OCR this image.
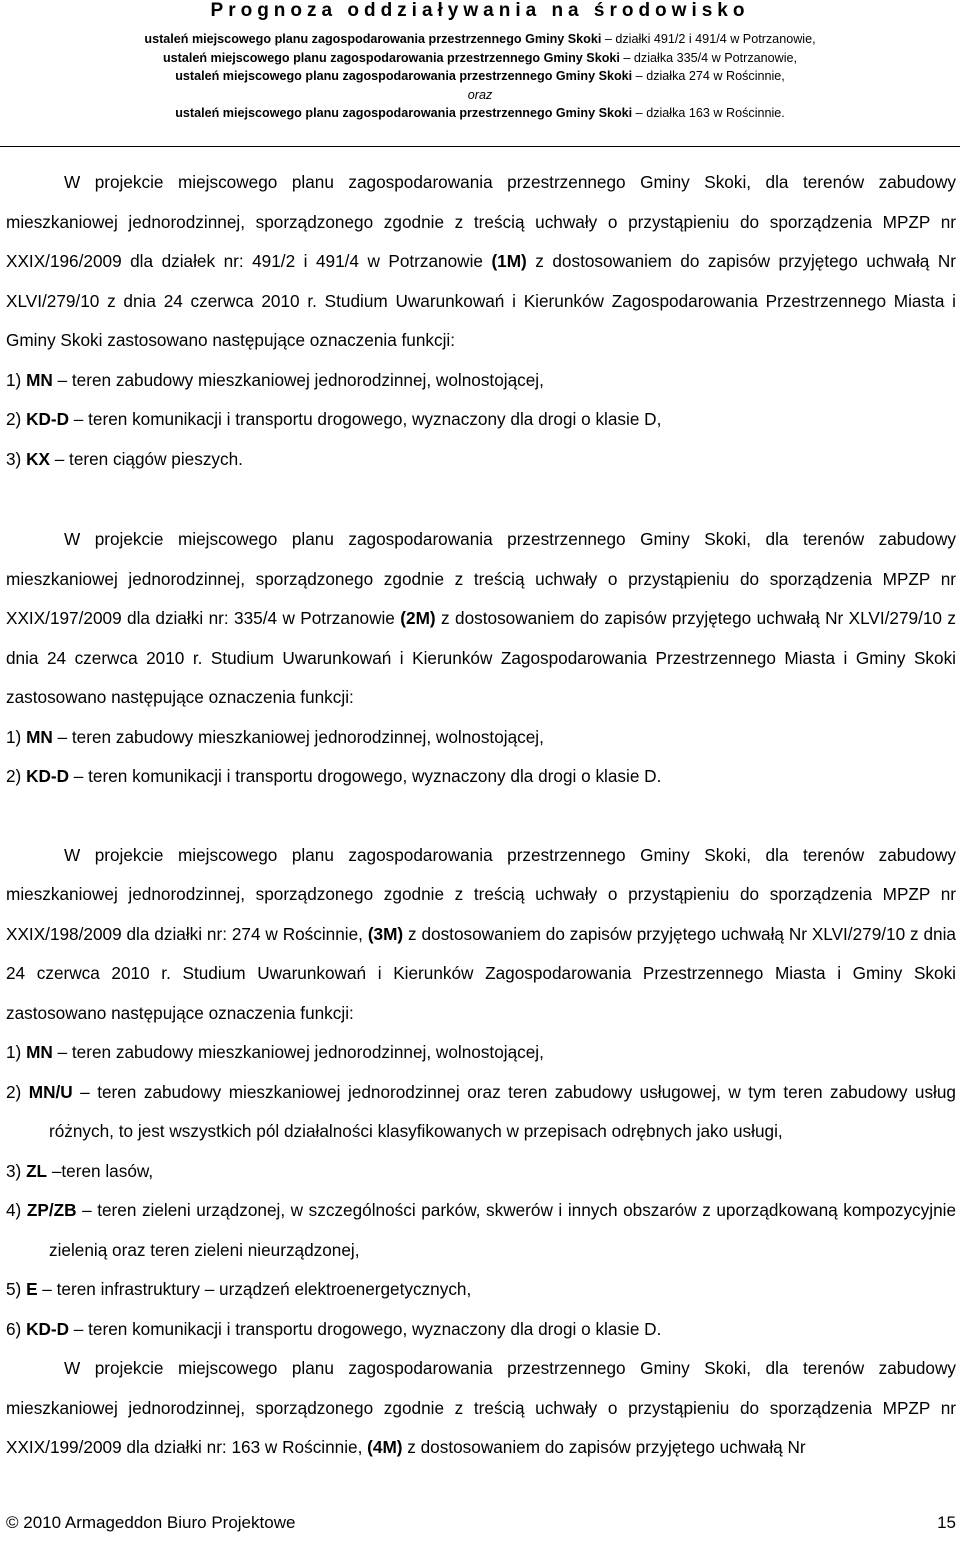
Prognoza oddziaływania na środowisko

ustaleń miejscowego planu zagospodarowania przestrzennego Gminy Skoki – działki 491/2 i 491/4 w Potrzanowie,
ustaleń miejscowego planu zagospodarowania przestrzennego Gminy Skoki – działka 335/4 w Potrzanowie,
ustaleń miejscowego planu zagospodarowania przestrzennego Gminy Skoki – działka 274 w Rościnnie,
oraz
ustaleń miejscowego planu zagospodarowania przestrzennego Gminy Skoki – działka 163 w Rościnnie.

W projekcie miejscowego planu zagospodarowania przestrzennego Gminy Skoki, dla terenów zabudowy mieszkaniowej jednorodzinnej, sporządzonego zgodnie z treścią uchwały o przystąpieniu do sporządzenia MPZP nr XXIX/196/2009 dla działek nr: 491/2 i 491/4 w Potrzanowie (1M) z dostosowaniem do zapisów przyjętego uchwałą Nr XLVI/279/10 z dnia 24 czerwca 2010 r. Studium Uwarunkowań i Kierunków Zagospodarowania Przestrzennego Miasta i Gminy Skoki zastosowano następujące oznaczenia funkcji:

1) MN – teren zabudowy mieszkaniowej jednorodzinnej, wolnostojącej,

2) KD-D – teren komunikacji i transportu drogowego, wyznaczony dla drogi o klasie D,

3) KX – teren ciągów pieszych.

W projekcie miejscowego planu zagospodarowania przestrzennego Gminy Skoki, dla terenów zabudowy mieszkaniowej jednorodzinnej, sporządzonego zgodnie z treścią uchwały o przystąpieniu do sporządzenia MPZP nr XXIX/197/2009 dla działki nr: 335/4 w Potrzanowie (2M) z dostosowaniem do zapisów przyjętego uchwałą Nr XLVI/279/10 z dnia 24 czerwca 2010 r. Studium Uwarunkowań i Kierunków Zagospodarowania Przestrzennego Miasta i Gminy Skoki zastosowano następujące oznaczenia funkcji:

1) MN – teren zabudowy mieszkaniowej jednorodzinnej, wolnostojącej,

2) KD-D – teren komunikacji i transportu drogowego, wyznaczony dla drogi o klasie D.

W projekcie miejscowego planu zagospodarowania przestrzennego Gminy Skoki, dla terenów zabudowy mieszkaniowej jednorodzinnej, sporządzonego zgodnie z treścią uchwały o przystąpieniu do sporządzenia MPZP nr XXIX/198/2009 dla działki nr: 274 w Rościnnie, (3M) z dostosowaniem do zapisów przyjętego uchwałą Nr XLVI/279/10 z dnia 24 czerwca 2010 r. Studium Uwarunkowań i Kierunków Zagospodarowania Przestrzennego Miasta i Gminy Skoki zastosowano następujące oznaczenia funkcji:

1) MN – teren zabudowy mieszkaniowej jednorodzinnej, wolnostojącej,

2) MN/U – teren zabudowy mieszkaniowej jednorodzinnej oraz teren zabudowy usługowej, w tym teren zabudowy usług różnych, to jest wszystkich pól działalności klasyfikowanych w przepisach odrębnych jako usługi,

3) ZL –teren lasów,

4) ZP/ZB – teren zieleni urządzonej, w szczególności parków, skwerów i innych obszarów z uporządkowaną kompozycyjnie zielenią oraz teren zieleni nieurządzonej,

5) E – teren infrastruktury – urządzeń elektroenergetycznych,

6) KD-D – teren komunikacji i transportu drogowego, wyznaczony dla drogi o klasie D.

W projekcie miejscowego planu zagospodarowania przestrzennego Gminy Skoki, dla terenów zabudowy mieszkaniowej jednorodzinnej, sporządzonego zgodnie z treścią uchwały o przystąpieniu do sporządzenia MPZP nr XXIX/199/2009 dla działki nr: 163 w Rościnnie, (4M) z dostosowaniem do zapisów przyjętego uchwałą Nr

© 2010 Armageddon Biuro Projektowe	15
